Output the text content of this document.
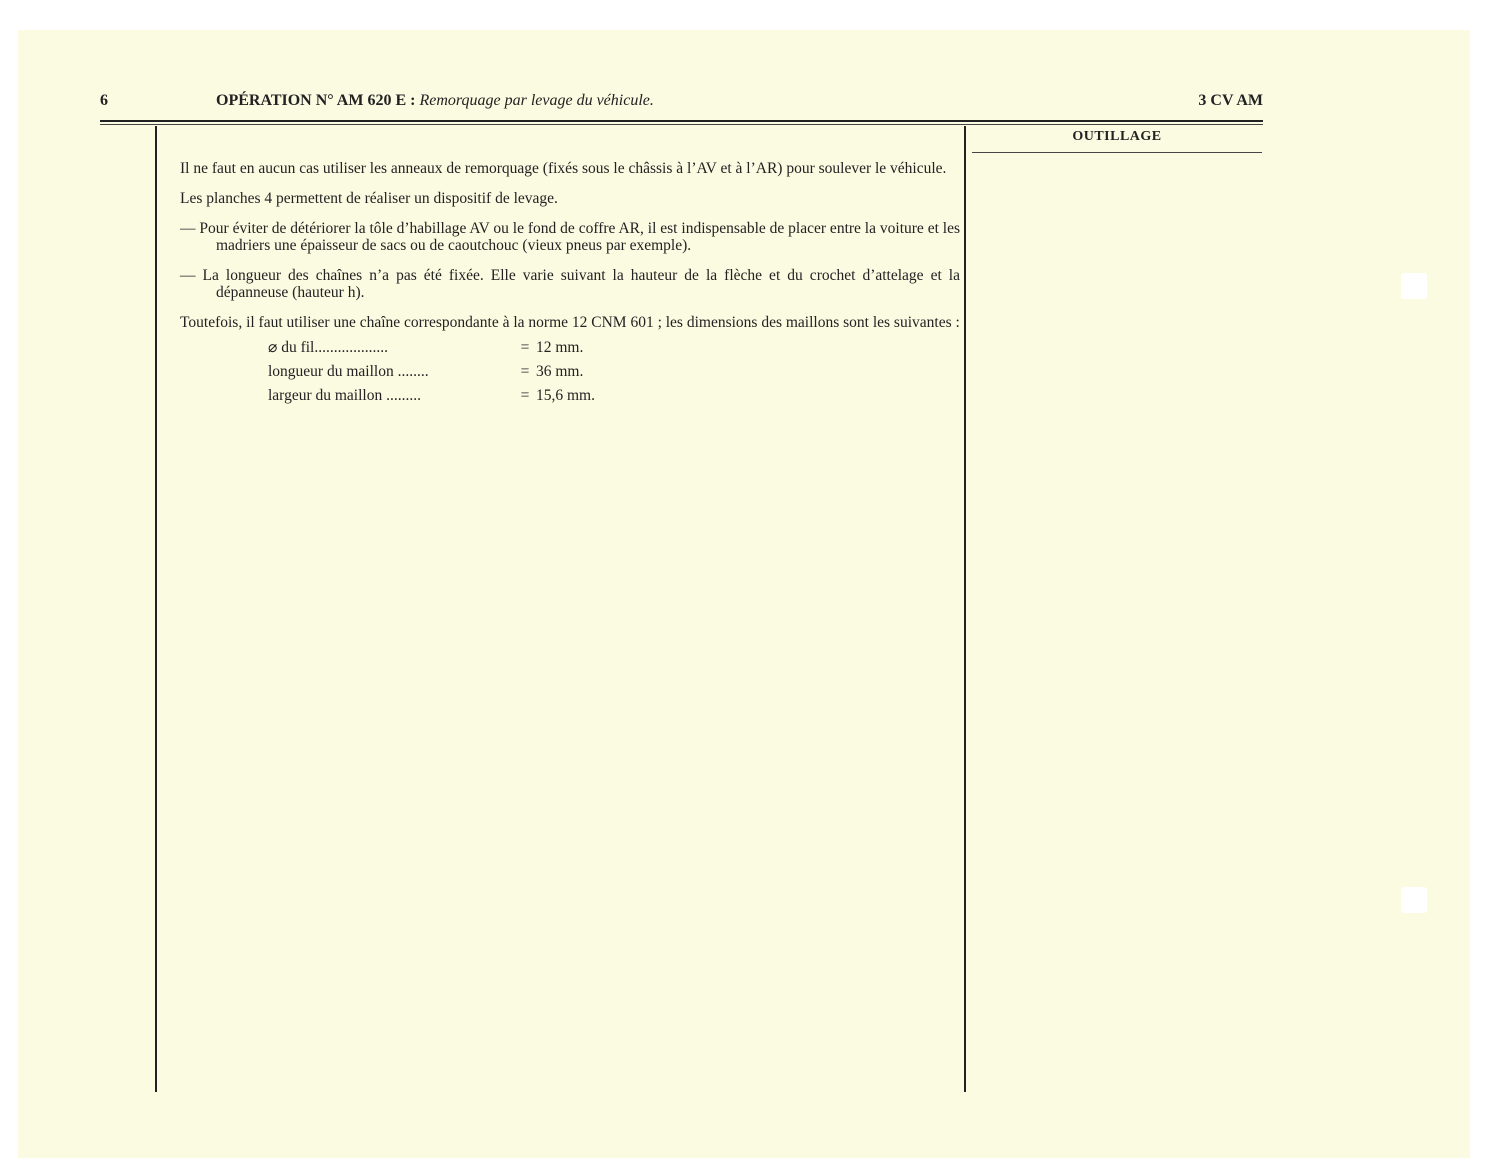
6	OPÉRATION N° AM 620 E : Remorquage par levage du véhicule.	3 CV AM
OUTILLAGE

Il ne faut en aucun cas utiliser les anneaux de remorquage (fixés sous le châssis à l’AV et à l’AR) pour soulever le véhicule.

Les planches 4 permettent de réaliser un dispositif de levage.

— Pour éviter de détériorer la tôle d’habillage AV ou le fond de coffre AR, il est indispensable de placer entre la voiture et les madriers une épaisseur de sacs ou de caoutchouc (vieux pneus par exemple).

— La longueur des chaînes n’a pas été fixée. Elle varie suivant la hauteur de la flèche et du crochet d’attelage et la dépanneuse (hauteur h).

Toutefois, il faut utiliser une chaîne correspondante à la norme 12 CNM 601 ; les dimensions des maillons sont les suivantes :

⌀ du fil...................	= 12 mm.
longueur du maillon ........	= 36 mm.
largeur du maillon .........	= 15,6 mm.
